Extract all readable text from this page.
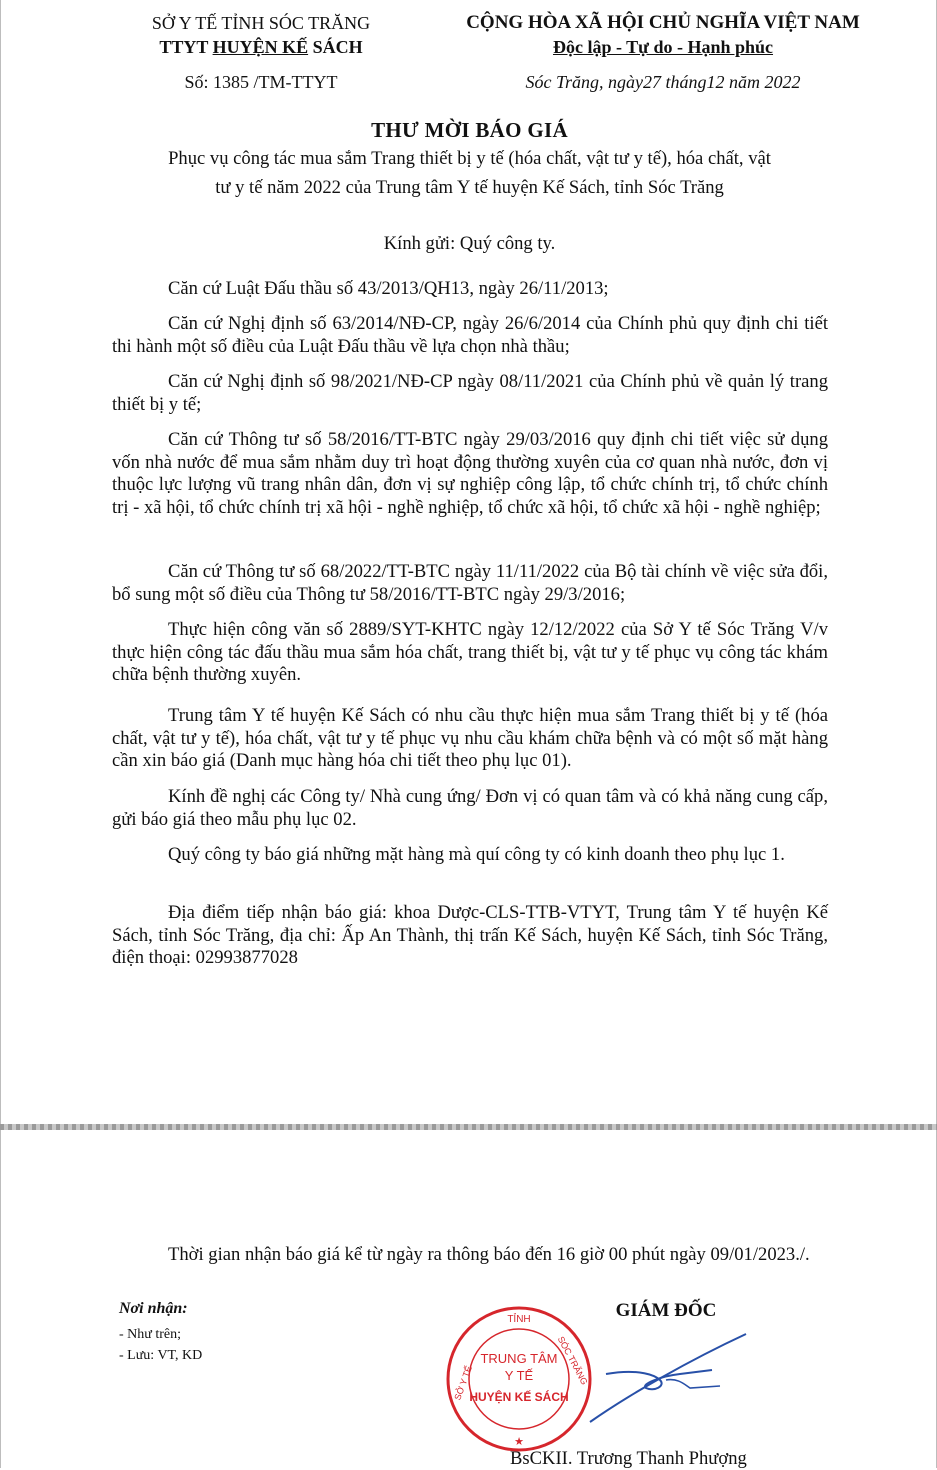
SỞ Y TẾ TỈNH SÓC TRĂNG
TTYT HUYỆN KẾ SÁCH
Số: 1385 /TM-TTYT
CỘNG HÒA XÃ HỘI CHỦ NGHĨA VIỆT NAM
Độc lập - Tự do - Hạnh phúc
Sóc Trăng, ngày27 tháng12 năm 2022
THƯ MỜI BÁO GIÁ
Phục vụ công tác mua sắm Trang thiết bị y tế (hóa chất, vật tư y tế), hóa chất, vật
tư y tế năm 2022 của Trung tâm Y tế huyện Kế Sách, tỉnh Sóc Trăng
Kính gửi: Quý công ty.
Căn cứ Luật Đấu thầu số 43/2013/QH13, ngày 26/11/2013;
Căn cứ Nghị định số 63/2014/NĐ-CP, ngày 26/6/2014 của Chính phủ quy định chi tiết thi hành một số điều của Luật Đấu thầu về lựa chọn nhà thầu;
Căn cứ Nghị định số 98/2021/NĐ-CP ngày 08/11/2021 của Chính phủ về quản lý trang thiết bị y tế;
Căn cứ Thông tư số 58/2016/TT-BTC ngày 29/03/2016 quy định chi tiết việc sử dụng vốn nhà nước để mua sắm nhằm duy trì hoạt động thường xuyên của cơ quan nhà nước, đơn vị thuộc lực lượng vũ trang nhân dân, đơn vị sự nghiệp công lập, tổ chức chính trị, tổ chức chính trị - xã hội, tổ chức chính trị xã hội - nghề nghiệp, tổ chức xã hội, tổ chức xã hội - nghề nghiệp;
Căn cứ Thông tư số 68/2022/TT-BTC ngày 11/11/2022 của Bộ tài chính về việc sửa đổi, bổ sung một số điều của Thông tư 58/2016/TT-BTC ngày 29/3/2016;
Thực hiện công văn số 2889/SYT-KHTC ngày 12/12/2022 của Sở Y tế Sóc Trăng V/v thực hiện công tác đấu thầu mua sắm hóa chất, trang thiết bị, vật tư y tế phục vụ công tác khám chữa bệnh thường xuyên.
Trung tâm Y tế huyện Kế Sách có nhu cầu thực hiện mua sắm Trang thiết bị y tế (hóa chất, vật tư y tế), hóa chất, vật tư y tế phục vụ nhu cầu khám chữa bệnh và có một số mặt hàng cần xin báo giá (Danh mục hàng hóa chi tiết theo phụ lục 01).
Kính đề nghị các Công ty/ Nhà cung ứng/ Đơn vị có quan tâm và có khả năng cung cấp, gửi báo giá theo mẫu phụ lục 02.
Quý công ty báo giá những mặt hàng mà quí công ty có kinh doanh theo phụ lục 1.
Địa điểm tiếp nhận báo giá: khoa Dược-CLS-TTB-VTYT, Trung tâm Y tế huyện Kế Sách, tỉnh Sóc Trăng, địa chỉ: Ấp An Thành, thị trấn Kế Sách, huyện Kế Sách, tỉnh Sóc Trăng, điện thoại: 02993877028
Thời gian nhận báo giá kể từ ngày ra thông báo đến 16 giờ 00 phút ngày 09/01/2023./.
Nơi nhận:
- Như trên;
- Lưu: VT, KD
GIÁM ĐỐC
BsCKII. Trương Thanh Phượng
TỈNH
SÓC TRĂNG
SỞ Y TẾ
TRUNG TÂM
Y TẾ
HUYỆN KẾ SÁCH
★
